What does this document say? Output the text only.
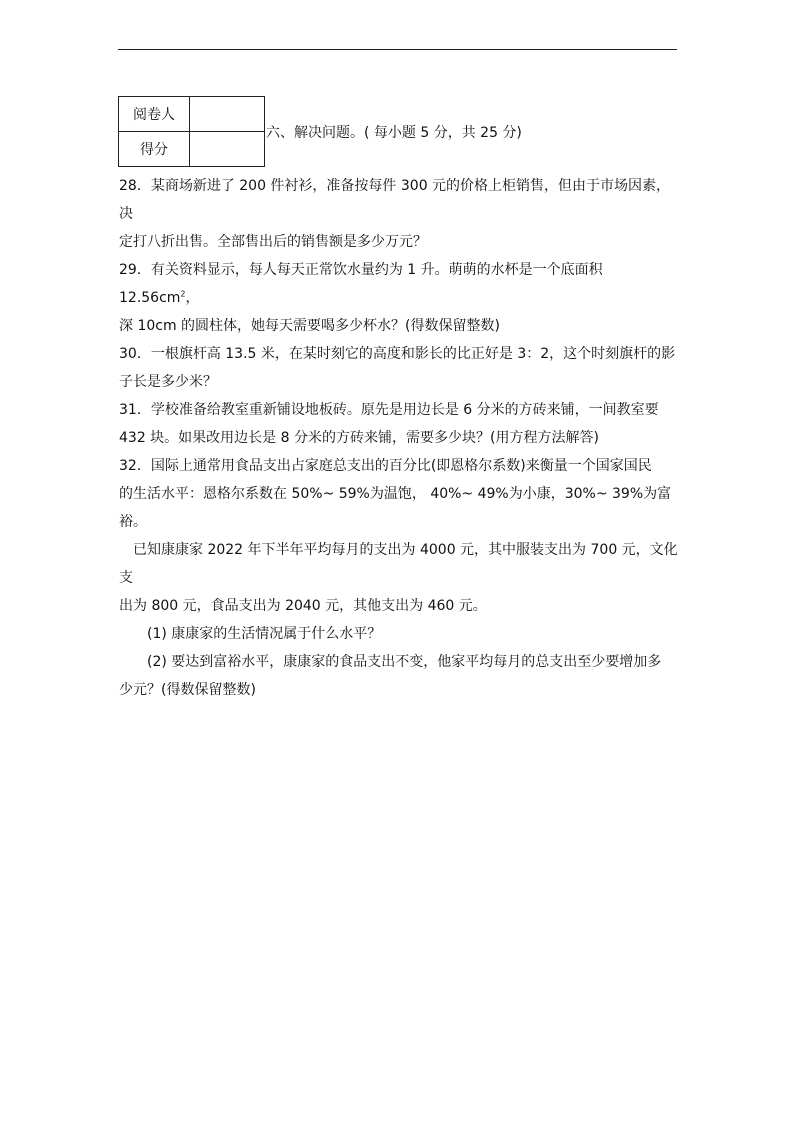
阅卷人	
得分	
六、解决问题。( 每小题 5 分，共 25 分)

28．某商场新进了 200 件衬衫，准备按每件 300 元的价格上柜销售，但由于市场因素，决

定打八折出售。全部售出后的销售额是多少万元？

29．有关资料显示，每人每天正常饮水量约为 1 升。萌萌的水杯是一个底面积 $12.56cm^2$，

深 10cm 的圆柱体，她每天需要喝多少杯水？(得数保留整数)

30．一根旗杆高 13.5 米，在某时刻它的高度和影长的比正好是 3：2，这个时刻旗杆的影

子长是多少米？

31．学校准备给教室重新铺设地板砖。原先是用边长是 6 分米的方砖来铺，一间教室要

432 块。如果改用边长是 8 分米的方砖来铺，需要多少块？(用方程方法解答)

32．国际上通常用食品支出占家庭总支出的百分比(即恩格尔系数)来衡量一个国家国民

的生活水平：恩格尔系数在 50%~ 59%为温饱， 40%~ 49%为小康，30%~ 39%为富裕。

已知康康家 2022 年下半年平均每月的支出为 4000 元，其中服装支出为 700 元，文化支

出为 800 元，食品支出为 2040 元，其他支出为 460 元。

(1) 康康家的生活情况属于什么水平？

(2) 要达到富裕水平，康康家的食品支出不变，他家平均每月的总支出至少要增加多

少元？(得数保留整数)
